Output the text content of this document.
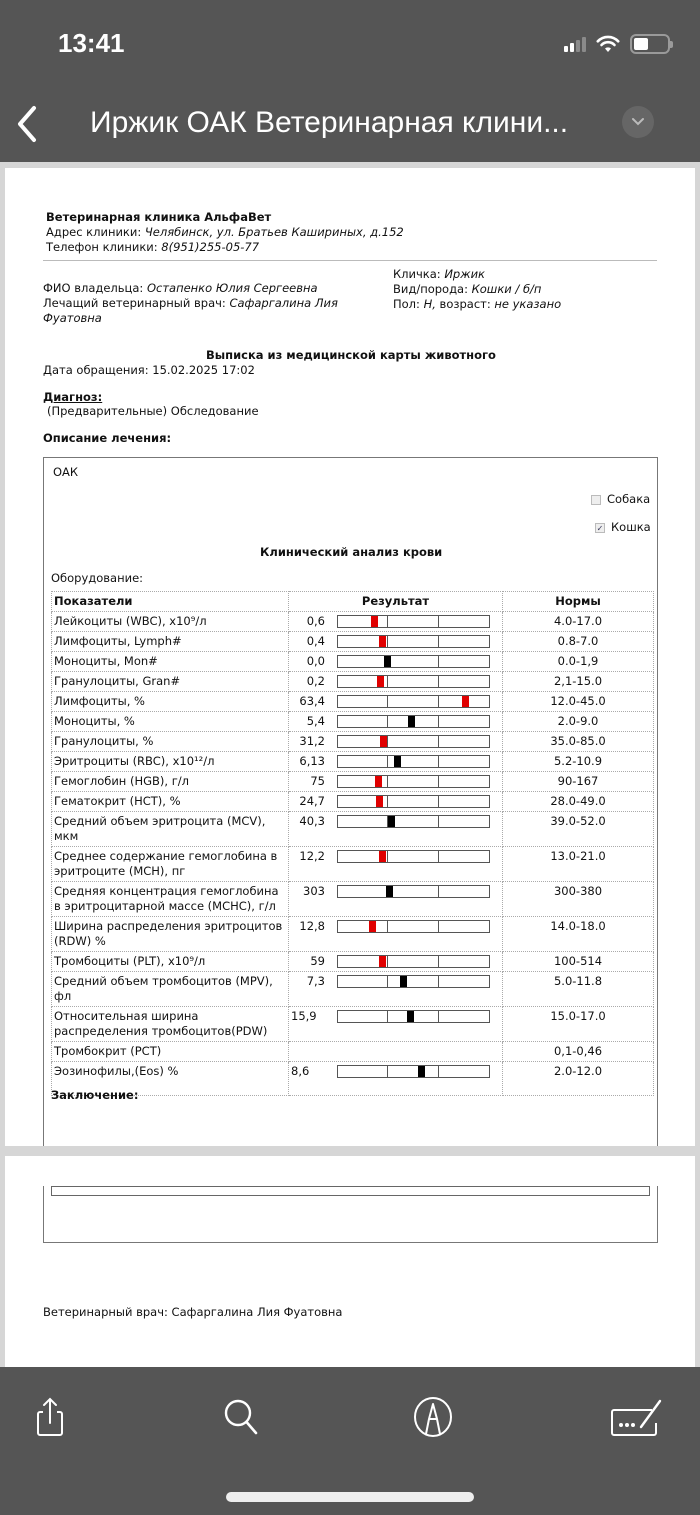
13:41
Иржик ОАК Ветеринарная клини...
Ветеринарная клиника АльфаВет
Адрес клиники: Челябинск, ул. Братьев Кашириных, д.152
Телефон клиники: 8(951)255-05-77
ФИО владельца: Остапенко Юлия Сергеевна
Лечащий ветеринарный врач: Сафаргалина Лия
Фуатовна
Кличка: Иржик
Вид/порода: Кошки / б/п
Пол: Н, возраст: не указано
Выписка из медицинской карты животного
Дата обращения: 15.02.2025 17:02
Диагноз:
(Предварительные) Обследование
Описание лечения:
ОАК
Собака
✓ Кошка
Клинический анализ крови
Оборудование:
Показатели	Результат	Нормы
Лейкоциты (WBC), x10⁹/л	0,6	4.0-17.0
Лимфоциты, Lymph#	0,4	0.8-7.0
Моноциты, Mon#	0,0	0.0-1,9
Гранулоциты, Gran#	0,2	2,1-15.0
Лимфоциты, %	63,4	12.0-45.0
Моноциты, %	5,4	2.0-9.0
Гранулоциты, %	31,2	35.0-85.0
Эритроциты (RBC), x10¹²/л	6,13	5.2-10.9
Гемоглобин (HGB), г/л	75	90-167
Гематокрит (HCT), %	24,7	28.0-49.0
Средний объем эритроцита (MCV), мкм	40,3	39.0-52.0
Среднее содержание гемоглобина в эритроците (MCH), пг	12,2	13.0-21.0
Средняя концентрация гемоглобина в эритроцитарной массе (MCHC), г/л	303	300-380
Ширина распределения эритроцитов (RDW) %	12,8	14.0-18.0
Тромбоциты (PLT), x10⁹/л	59	100-514
Средний объем тромбоцитов (MPV), фл	7,3	5.0-11.8
Относительная ширина распределения тромбоцитов(PDW)	15,9	15.0-17.0
Тромбокрит (PCT)		0,1-0,46
Эозинофилы,(Eos) %	8,6	2.0-12.0
Заключение:
Ветеринарный врач: Сафаргалина Лия Фуатовна
